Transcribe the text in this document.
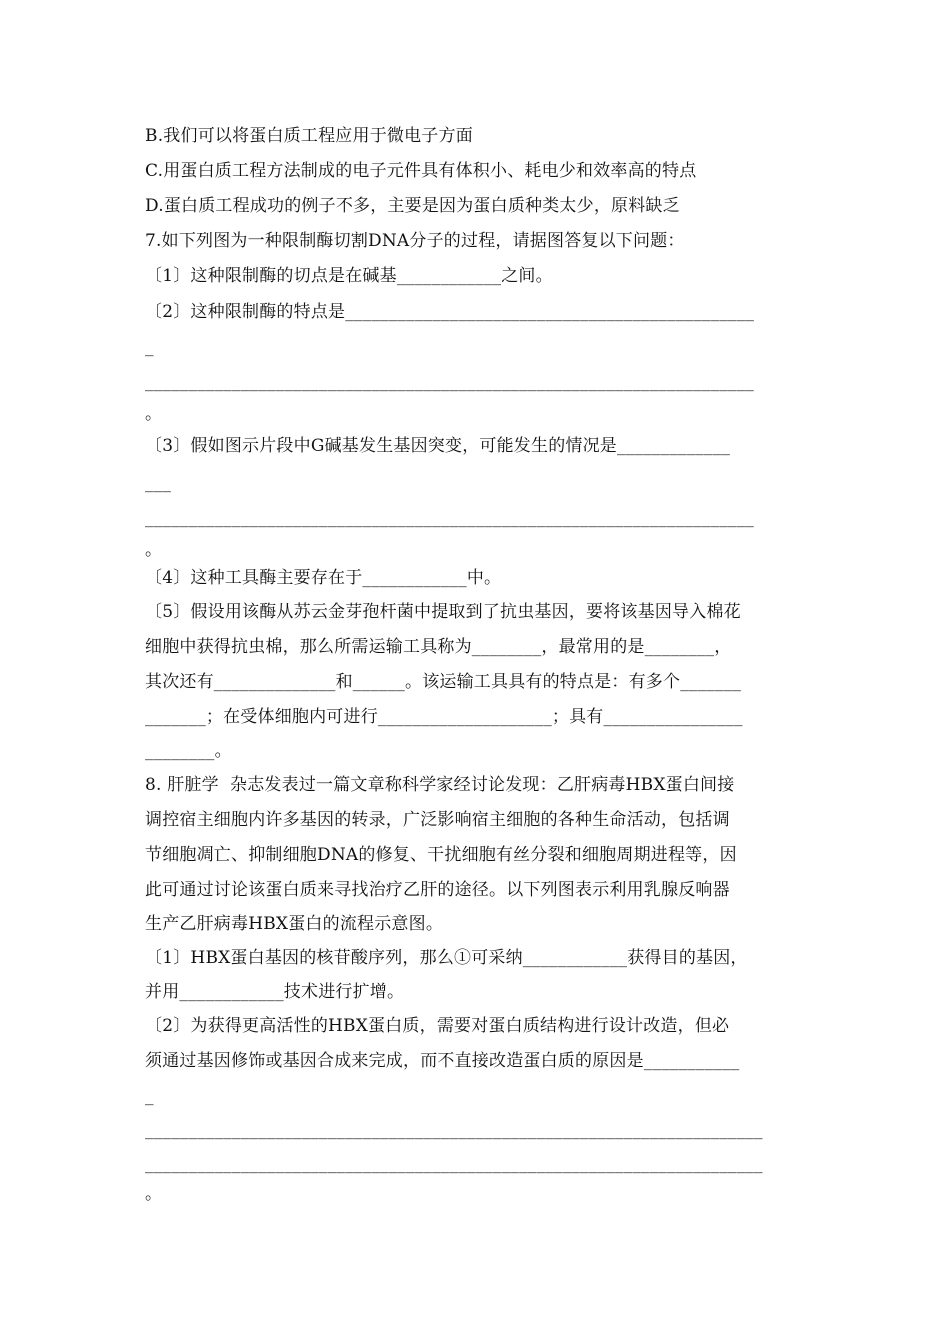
B.我们可以将蛋白质工程应用于微电子方面
C.用蛋白质工程方法制成的电子元件具有体积小、耗电少和效率高的特点
D.蛋白质工程成功的例子不多，主要是因为蛋白质种类太少，原料缺乏
7.如下列图为一种限制酶切割DNA分子的过程，请据图答复以下问题：
〔1〕这种限制酶的切点是在碱基____________之间。
〔2〕这种限制酶的特点是_______________________________________________
_
______________________________________________________________________
。
〔3〕假如图示片段中G碱基发生基因突变，可能发生的情况是_____________
___
______________________________________________________________________
。
〔4〕这种工具酶主要存在于____________中。
〔5〕假设用该酶从苏云金芽孢杆菌中提取到了抗虫基因，要将该基因导入棉花
细胞中获得抗虫棉，那么所需运输工具称为________，最常用的是________，
其次还有______________和______。该运输工具具有的特点是：有多个_______
_______；在受体细胞内可进行____________________；具有________________
________。
8. 肝脏学  杂志发表过一篇文章称科学家经讨论发现：乙肝病毒HBX蛋白间接
调控宿主细胞内许多基因的转录，广泛影响宿主细胞的各种生命活动，包括调
节细胞凋亡、抑制细胞DNA的修复、干扰细胞有丝分裂和细胞周期进程等，因
此可通过讨论该蛋白质来寻找治疗乙肝的途径。以下列图表示利用乳腺反响器
生产乙肝病毒HBX蛋白的流程示意图。
〔1〕HBX蛋白基因的核苷酸序列，那么①可采纳____________获得目的基因，
并用____________技术进行扩增。
〔2〕为获得更高活性的HBX蛋白质，需要对蛋白质结构进行设计改造，但必
须通过基因修饰或基因合成来完成，而不直接改造蛋白质的原因是___________
_
_______________________________________________________________________
_______________________________________________________________________
。
